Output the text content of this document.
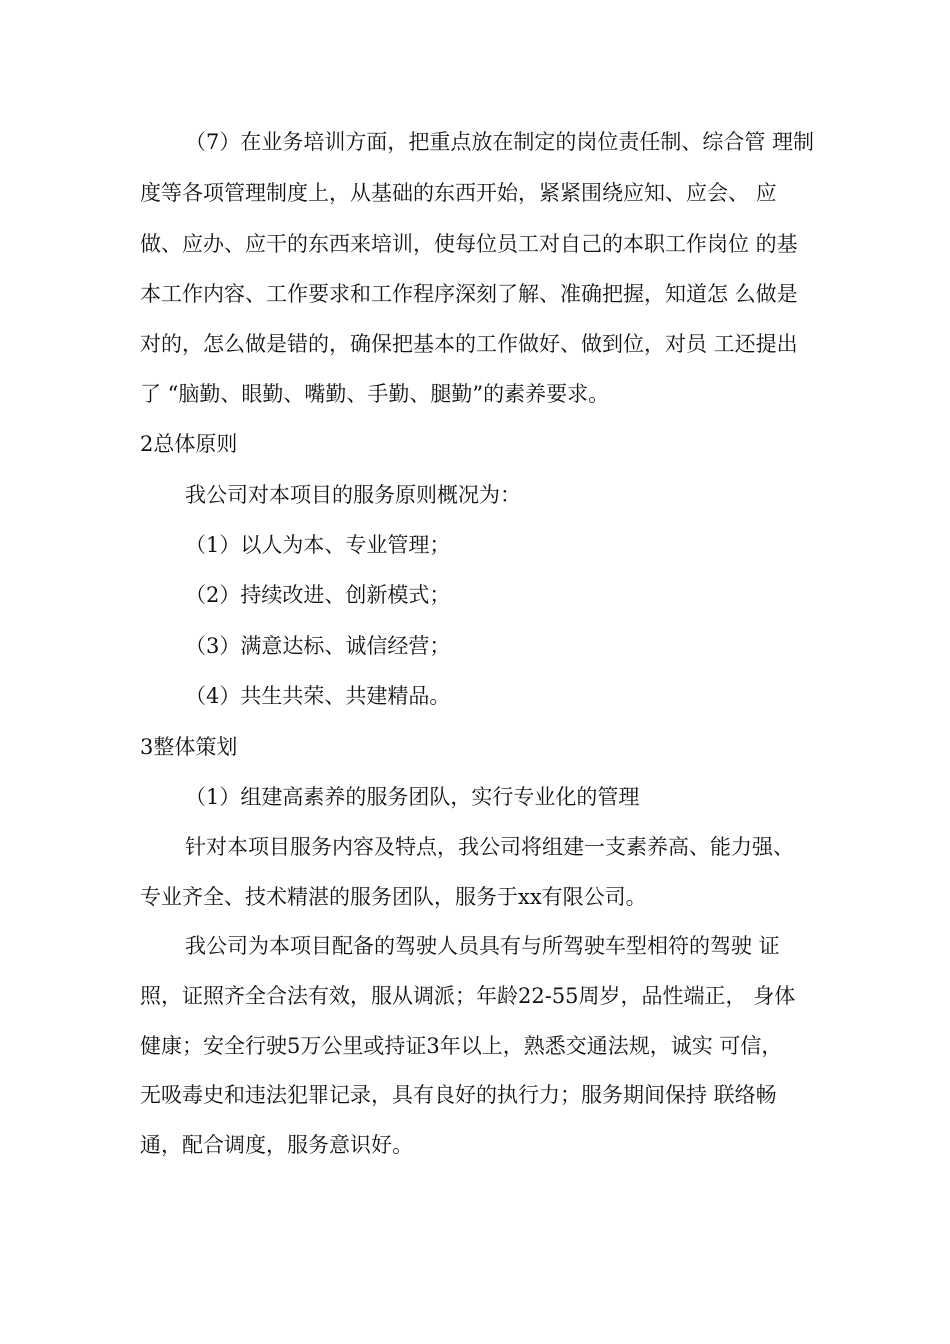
（7）在业务培训方面，把重点放在制定的岗位责任制、综合管 理制
度等各项管理制度上，从基础的东西开始，紧紧围绕应知、应会、 应
做、应办、应干的东西来培训，使每位员工对自己的本职工作岗位 的基
本工作内容、工作要求和工作程序深刻了解、准确把握，知道怎 么做是
对的，怎么做是错的，确保把基本的工作做好、做到位，对员 工还提出
了 “脑勤、眼勤、嘴勤、手勤、腿勤”的素养要求。
2总体原则
我公司对本项目的服务原则概况为：
（1）以人为本、专业管理；
（2）持续改进、创新模式；
（3）满意达标、诚信经营；
（4）共生共荣、共建精品。
3整体策划
（1）组建高素养的服务团队，实行专业化的管理
针对本项目服务内容及特点，我公司将组建一支素养高、能力强、
专业齐全、技术精湛的服务团队，服务于xx有限公司。
我公司为本项目配备的驾驶人员具有与所驾驶车型相符的驾驶 证
照，证照齐全合法有效，服从调派；年龄22-55周岁，品性端正， 身体
健康；安全行驶5万公里或持证3年以上，熟悉交通法规，诚实 可信，
无吸毒史和违法犯罪记录，具有良好的执行力；服务期间保持 联络畅
通，配合调度，服务意识好。
